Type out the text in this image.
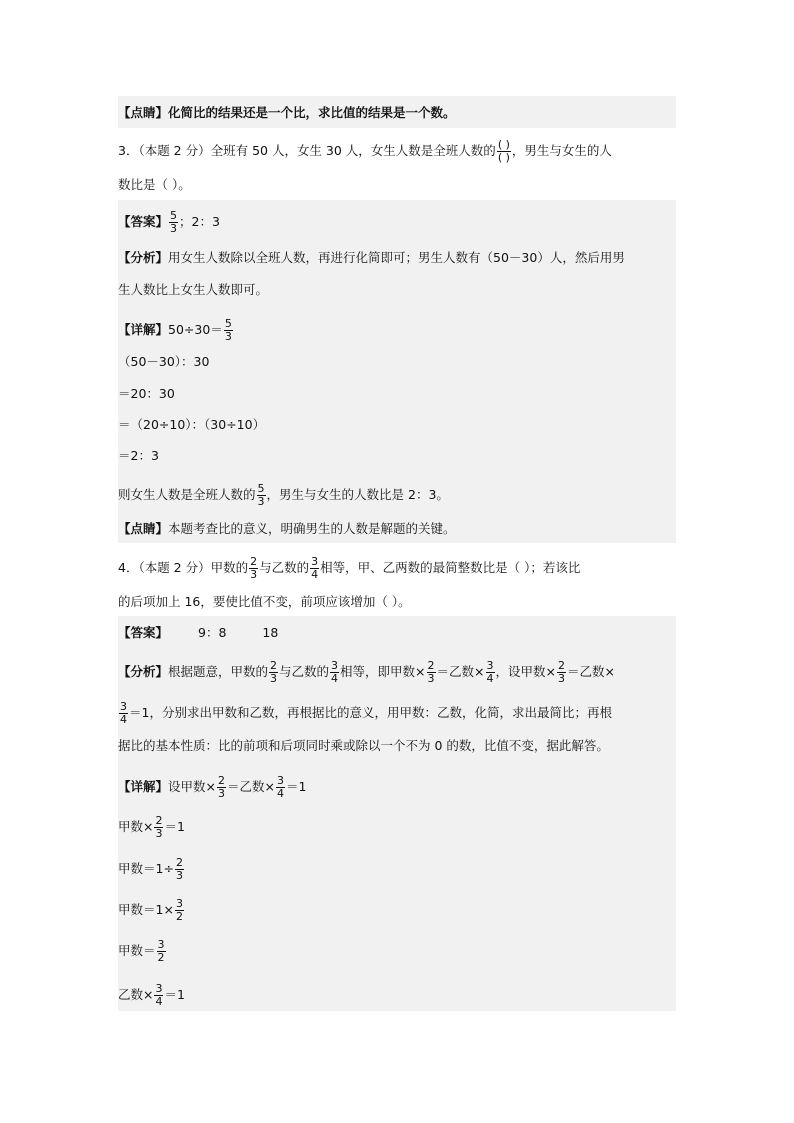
【点睛】化简比的结果还是一个比，求比值的结果是一个数。
3．（本题 2 分）全班有 50 人，女生 30 人，女生人数是全班人数的 $\frac{( )}{( )}$ ，男生与女生的人
数比是（ ）。
【答案】 $\frac{5}{3}$ ；2：3
【分析】用女生人数除以全班人数，再进行化简即可；男生人数有（50－30）人，然后用男
生人数比上女生人数即可。
【详解】$50\div 30= \frac{5}{3}$
（50－30）：30
＝20：30
＝（20÷10）：（30÷10）
＝2：3
则女生人数是全班人数的 $\frac{5}{3}$ ，男生与女生的人数比是 2：3。
【点睛】本题考查比的意义，明确男生的人数是解题的关键。
4．（本题 2 分）甲数的 $\frac{2}{3}$ 与乙数的 $\frac{3}{4}$ 相等，甲、乙两数的最简整数比是（ ）；若该比
的后项加上 16，要使比值不变，前项应该增加（ ）。
【答案】 9：8	18
【分析】根据题意，甲数的 $\frac{2}{3}$ 与乙数的 $\frac{3}{4}$ 相等，即甲数× $\frac{2}{3}$ ＝乙数× $\frac{3}{4}$ ，设甲数× $\frac{2}{3}$ ＝乙数×
$\frac{3}{4} =1$，分别求出甲数和乙数，再根据比的意义，用甲数：乙数，化简，求出最简比；再根
据比的基本性质：比的前项和后项同时乘或除以一个不为 0 的数，比值不变，据此解答。
【详解】设甲数× $\frac{2}{3}$ ＝乙数× $\frac{3}{4} =1$
甲数× $\frac{2}{3} =1$
甲数$=1\div \frac{2}{3}$
甲数$=1\times \frac{3}{2}$
甲数＝ $\frac{3}{2}$
乙数× $\frac{3}{4} =1$
